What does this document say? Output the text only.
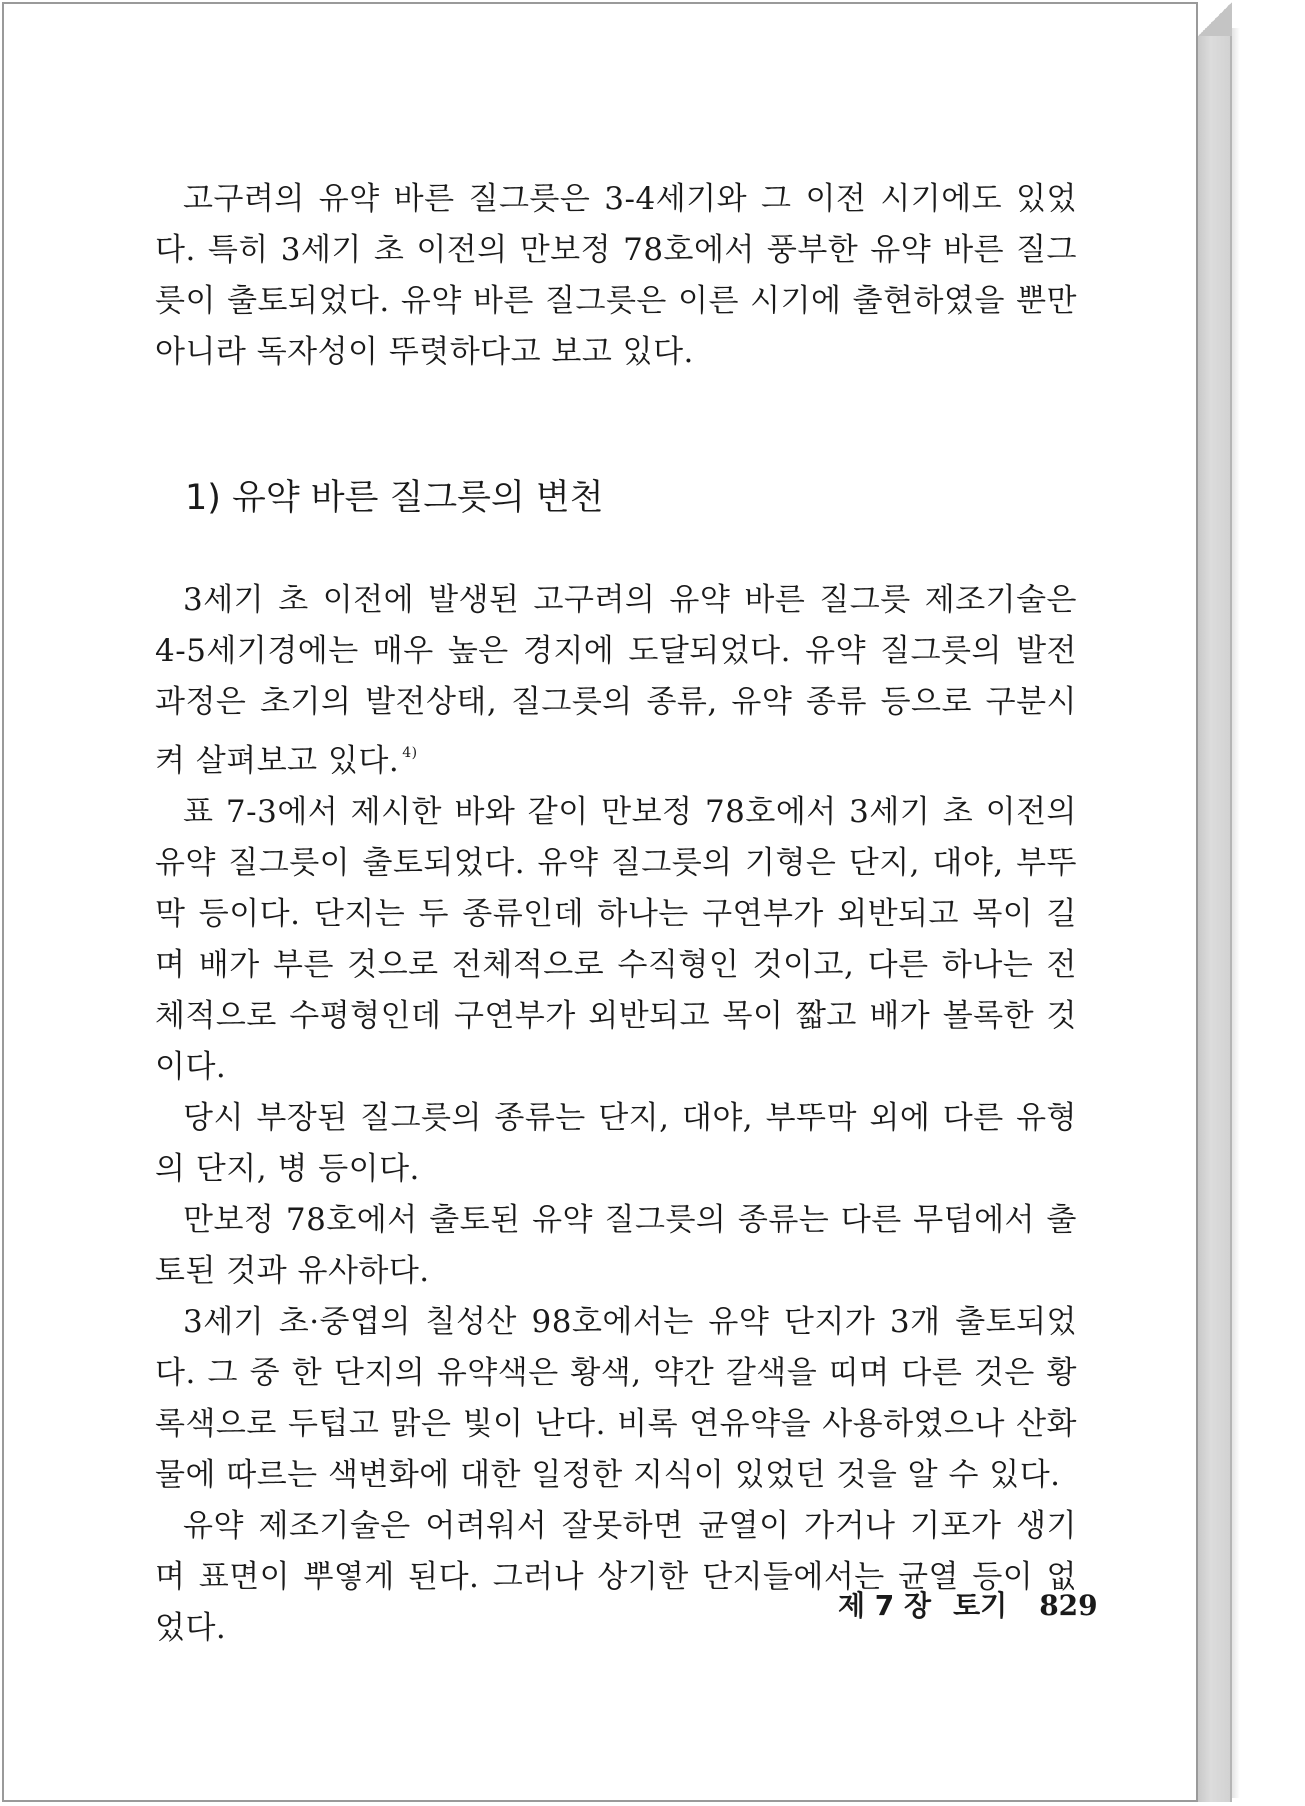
고구려의 유약 바른 질그릇은 3-4세기와 그 이전 시기에도 있었다. 특히 3세기 초 이전의 만보정 78호에서 풍부한 유약 바른 질그릇이 출토되었다. 유약 바른 질그릇은 이른 시기에 출현하였을 뿐만 아니라 독자성이 뚜렷하다고 보고 있다.

1) 유약 바른 질그릇의 변천

3세기 초 이전에 발생된 고구려의 유약 바른 질그릇 제조기술은 4-5세기경에는 매우 높은 경지에 도달되었다. 유약 질그릇의 발전과정은 초기의 발전상태, 질그릇의 종류, 유약 종류 등으로 구분시켜 살펴보고 있다. $^{4)}$

표 7-3에서 제시한 바와 같이 만보정 78호에서 3세기 초 이전의 유약 질그릇이 출토되었다. 유약 질그릇의 기형은 단지, 대야, 부뚜막 등이다. 단지는 두 종류인데 하나는 구연부가 외반되고 목이 길며 배가 부른 것으로 전체적으로 수직형인 것이고, 다른 하나는 전체적으로 수평형인데 구연부가 외반되고 목이 짧고 배가 볼록한 것이다.

당시 부장된 질그릇의 종류는 단지, 대야, 부뚜막 외에 다른 유형의 단지, 병 등이다.

만보정 78호에서 출토된 유약 질그릇의 종류는 다른 무덤에서 출토된 것과 유사하다.

3세기 초·중엽의 칠성산 98호에서는 유약 단지가 3개 출토되었다. 그 중 한 단지의 유약색은 황색, 약간 갈색을 띠며 다른 것은 황록색으로 두텁고 맑은 빛이 난다. 비록 연유약을 사용하였으나 산화물에 따르는 색변화에 대한 일정한 지식이 있었던 것을 알 수 있다.

유약 제조기술은 어려워서 잘못하면 균열이 가거나 기포가 생기며 표면이 뿌옇게 된다. 그러나 상기한 단지들에서는 균열 등이 없었다.

제 7 장 토기 829
